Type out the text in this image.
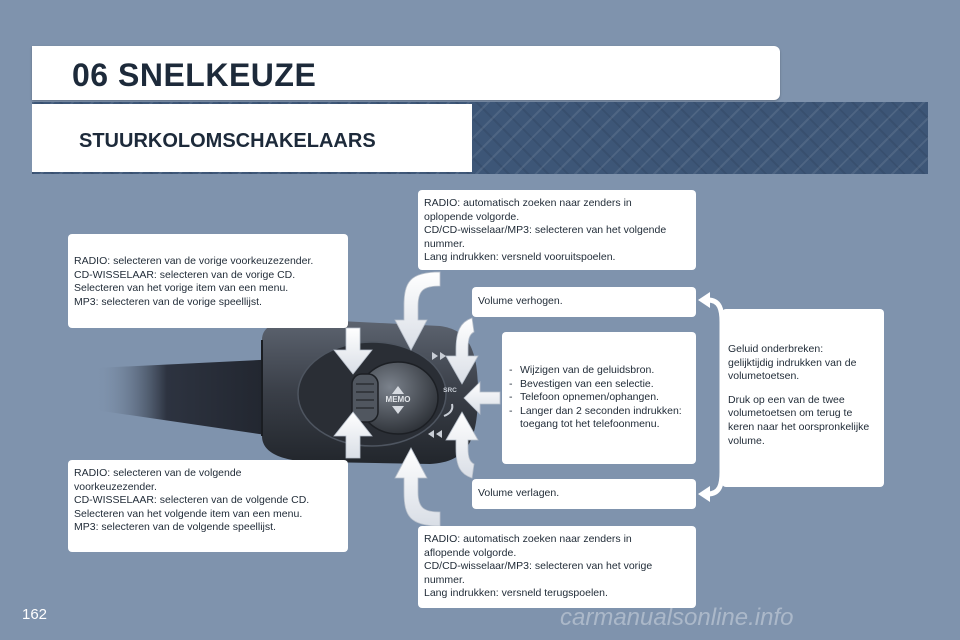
06 SNELKEUZE
STUURKOLOMSCHAKELAARS
MEMO
SRC
RADIO: selecteren van de vorige voorkeuzezender.
CD-WISSELAAR: selecteren van de vorige CD.
Selecteren van het vorige item van een menu.
MP3: selecteren van de vorige speellijst.
RADIO: selecteren van de volgende
voorkeuzezender.
CD-WISSELAAR: selecteren van de volgende CD.
Selecteren van het volgende item van een menu.
MP3: selecteren van de volgende speellijst.
RADIO: automatisch zoeken naar zenders in
oplopende volgorde.
CD/CD-wisselaar/MP3: selecteren van het volgende
nummer.
Lang indrukken: versneld vooruitspoelen.
RADIO: automatisch zoeken naar zenders in
aflopende volgorde.
CD/CD-wisselaar/MP3: selecteren van het vorige
nummer.
Lang indrukken: versneld terugspoelen.
Volume verhogen.
Volume verlagen.
- Wijzigen van de geluidsbron.
- Bevestigen van een selectie.
- Telefoon opnemen/ophangen.
- Langer dan 2 seconden indrukken:
toegang tot het telefoonmenu.
Geluid onderbreken:
gelijktijdig indrukken van de
volumetoetsen.
Druk op een van de twee
volumetoetsen om terug te
keren naar het oorspronkelijke
volume.
162	carmanualsonline.info
